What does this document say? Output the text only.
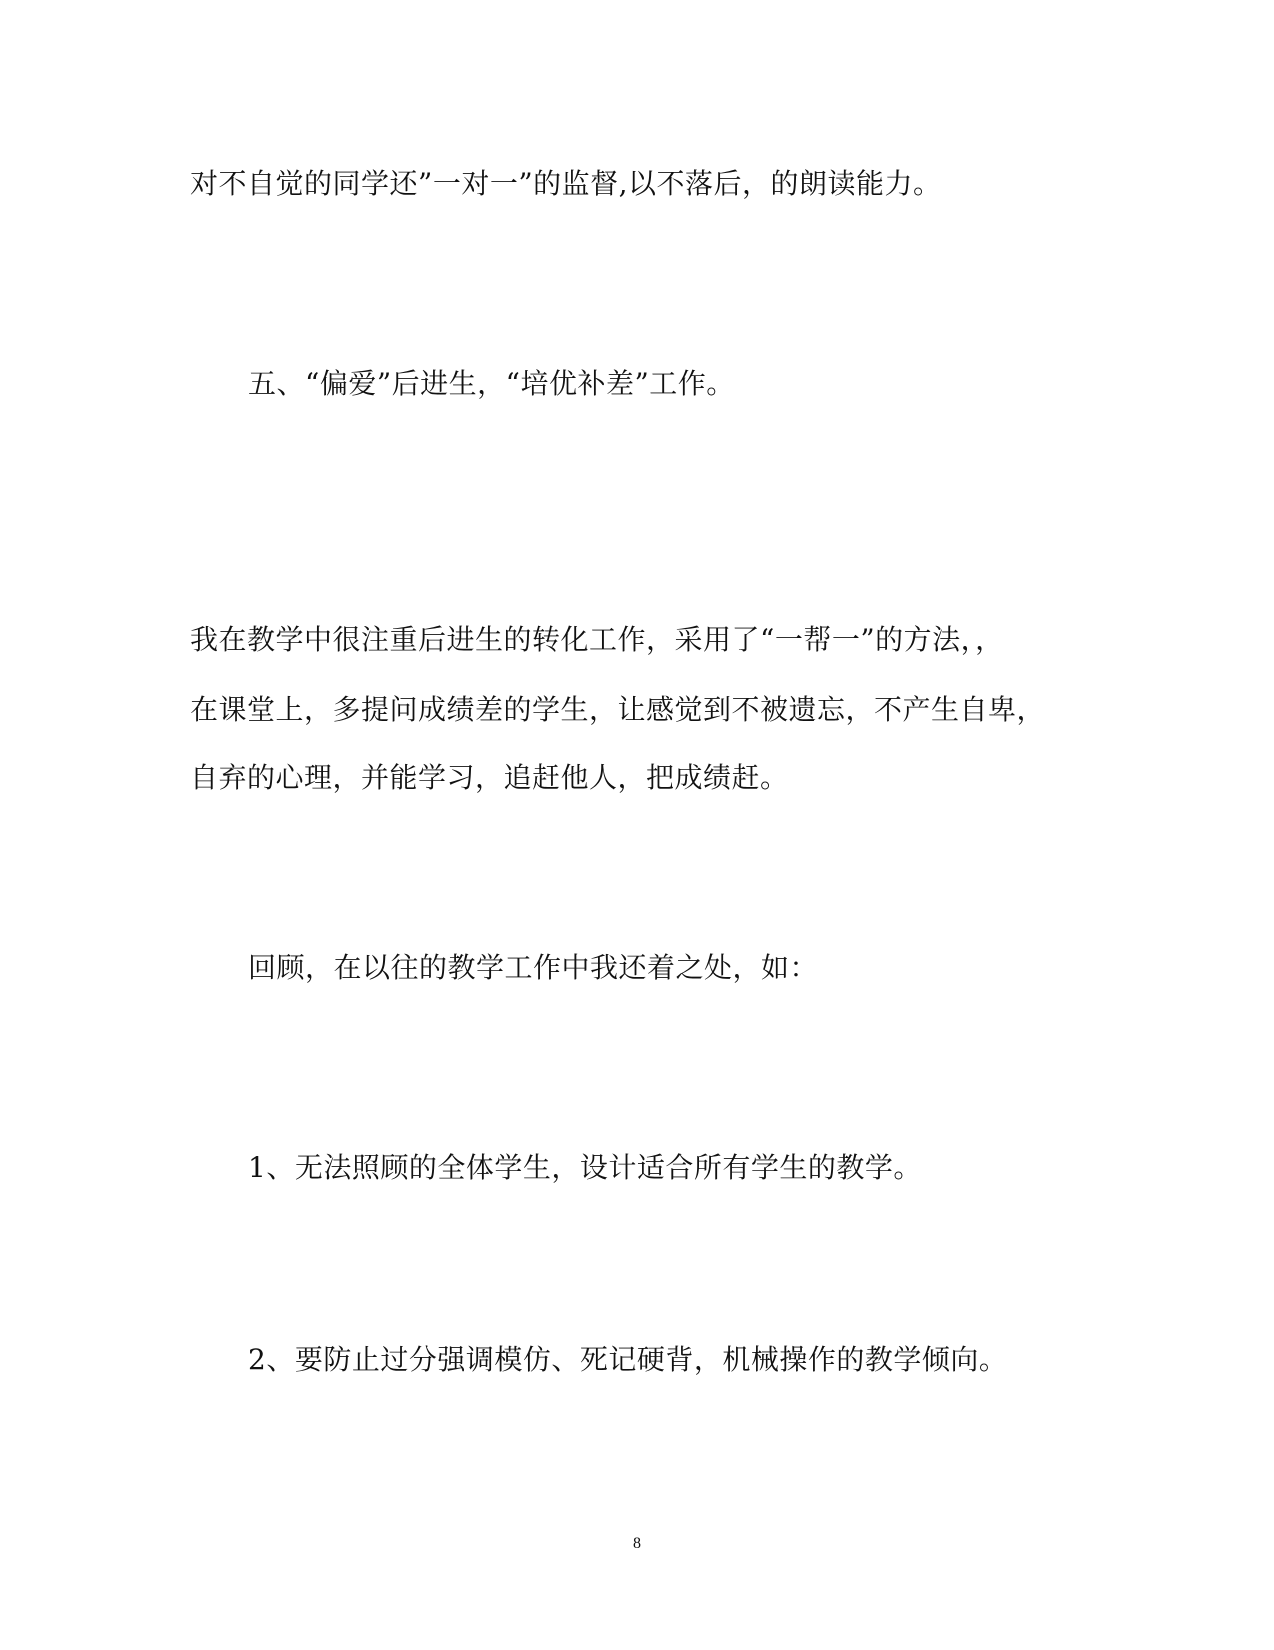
对不自觉的同学还”一对一”的监督,以不落后，的朗读能力。

五、“偏爱”后进生，“培优补差”工作。

我在教学中很注重后进生的转化工作，采用了“一帮一”的方法，，

在课堂上，多提问成绩差的学生，让感觉到不被遗忘，不产生自卑，

自弃的心理，并能学习，追赶他人，把成绩赶。

回顾，在以往的教学工作中我还着之处，如：

1、无法照顾的全体学生，设计适合所有学生的教学。

2、要防止过分强调模仿、死记硬背，机械操作的教学倾向。

8
